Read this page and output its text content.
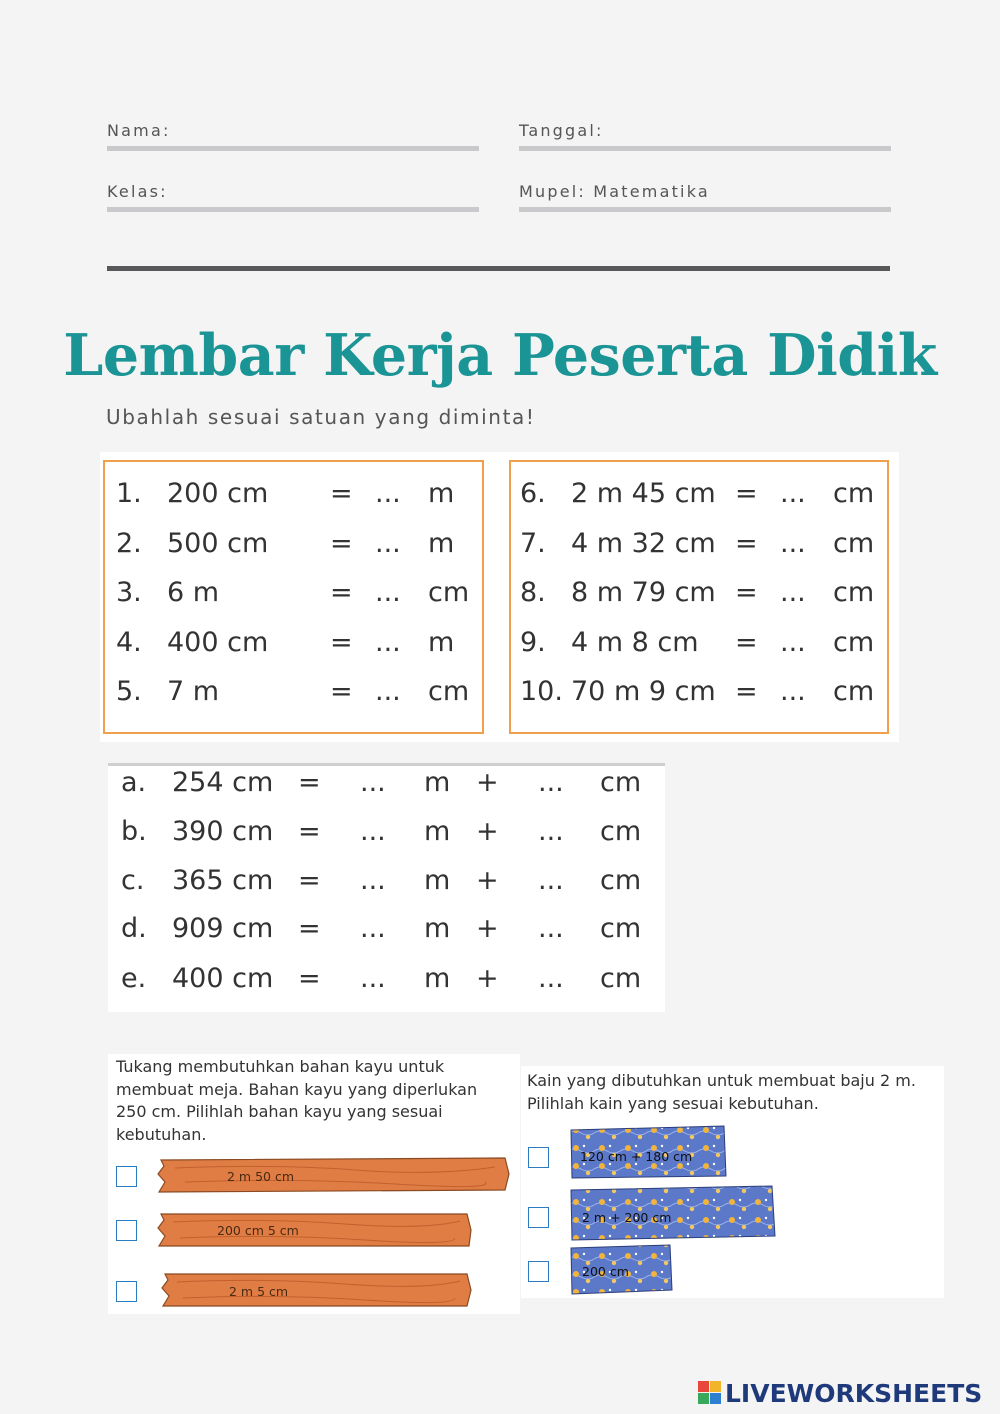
Nama:	Tanggal:
Kelas:	Mupel: Matematika
Lembar Kerja Peserta Didik
Ubahlah sesuai satuan yang diminta!
Tukang membutuhkan bahan kayu untuk
membuat meja. Bahan kayu yang diperlukan
250 cm. Pilihlah bahan kayu yang sesuai
kebutuhan.
2 m 50 cm
200 cm 5 cm
2 m 5 cm
Kain yang dibutuhkan untuk membuat baju 2 m.
Pilihlah kain yang sesuai kebutuhan.
120 cm + 180 cm
2 m + 200 cm
200 cm
LIVEWORKSHEETS
1. 200 cm = ... m
2. 500 cm = ... m
3. 6 m	= ... cm
4. 400 cm = ... m
5. 7 m	= ... cm
6. 2 m 45 cm = ... cm
7. 4 m 32 cm = ... cm
8. 8 m 79 cm = ... cm
9. 4 m 8 cm = ... cm
10. 70 m 9 cm = ... cm
a. 254 cm = ... m + ... cm
b. 390 cm = ... m + ... cm
c. 365 cm = ... m + ... cm
d. 909 cm = ... m + ... cm
e. 400 cm = ... m + ... cm
